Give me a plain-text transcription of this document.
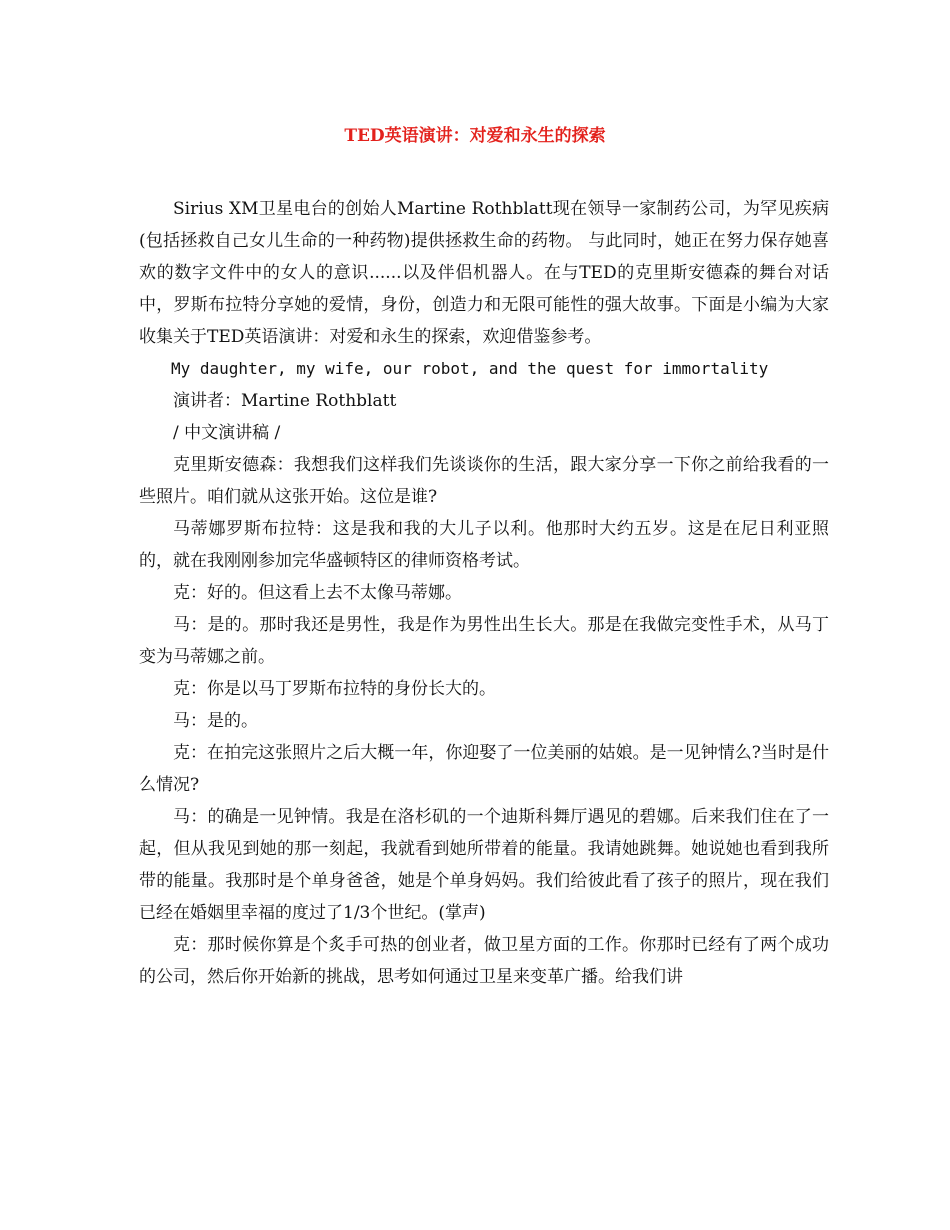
TED英语演讲：对爱和永生的探索

Sirius XM卫星电台的创始人Martine Rothblatt现在领导一家制药公司，为罕见疾病(包括拯救自己女儿生命的一种药物)提供拯救生命的药物。 与此同时，她正在努力保存她喜欢的数字文件中的女人的意识......以及伴侣机器人。在与TED的克里斯安德森的舞台对话中，罗斯布拉特分享她的爱情，身份，创造力和无限可能性的强大故事。下面是小编为大家收集关于TED英语演讲：对爱和永生的探索，欢迎借鉴参考。

My daughter, my wife, our robot, and the quest for immortality

演讲者：Martine Rothblatt

/ 中文演讲稿 /

克里斯安德森：我想我们这样我们先谈谈你的生活，跟大家分享一下你之前给我看的一些照片。咱们就从这张开始。这位是谁?

马蒂娜罗斯布拉特：这是我和我的大儿子以利。他那时大约五岁。这是在尼日利亚照的，就在我刚刚参加完华盛顿特区的律师资格考试。

克：好的。但这看上去不太像马蒂娜。

马：是的。那时我还是男性，我是作为男性出生长大。那是在我做完变性手术，从马丁变为马蒂娜之前。

克：你是以马丁罗斯布拉特的身份长大的。

马：是的。

克：在拍完这张照片之后大概一年，你迎娶了一位美丽的姑娘。是一见钟情么?当时是什么情况?

马：的确是一见钟情。我是在洛杉矶的一个迪斯科舞厅遇见的碧娜。后来我们住在了一起，但从我见到她的那一刻起，我就看到她所带着的能量。我请她跳舞。她说她也看到我所带的能量。我那时是个单身爸爸，她是个单身妈妈。我们给彼此看了孩子的照片，现在我们已经在婚姻里幸福的度过了1/3个世纪。(掌声)

克：那时候你算是个炙手可热的创业者，做卫星方面的工作。你那时已经有了两个成功的公司，然后你开始新的挑战，思考如何通过卫星来变革广播。给我们讲
